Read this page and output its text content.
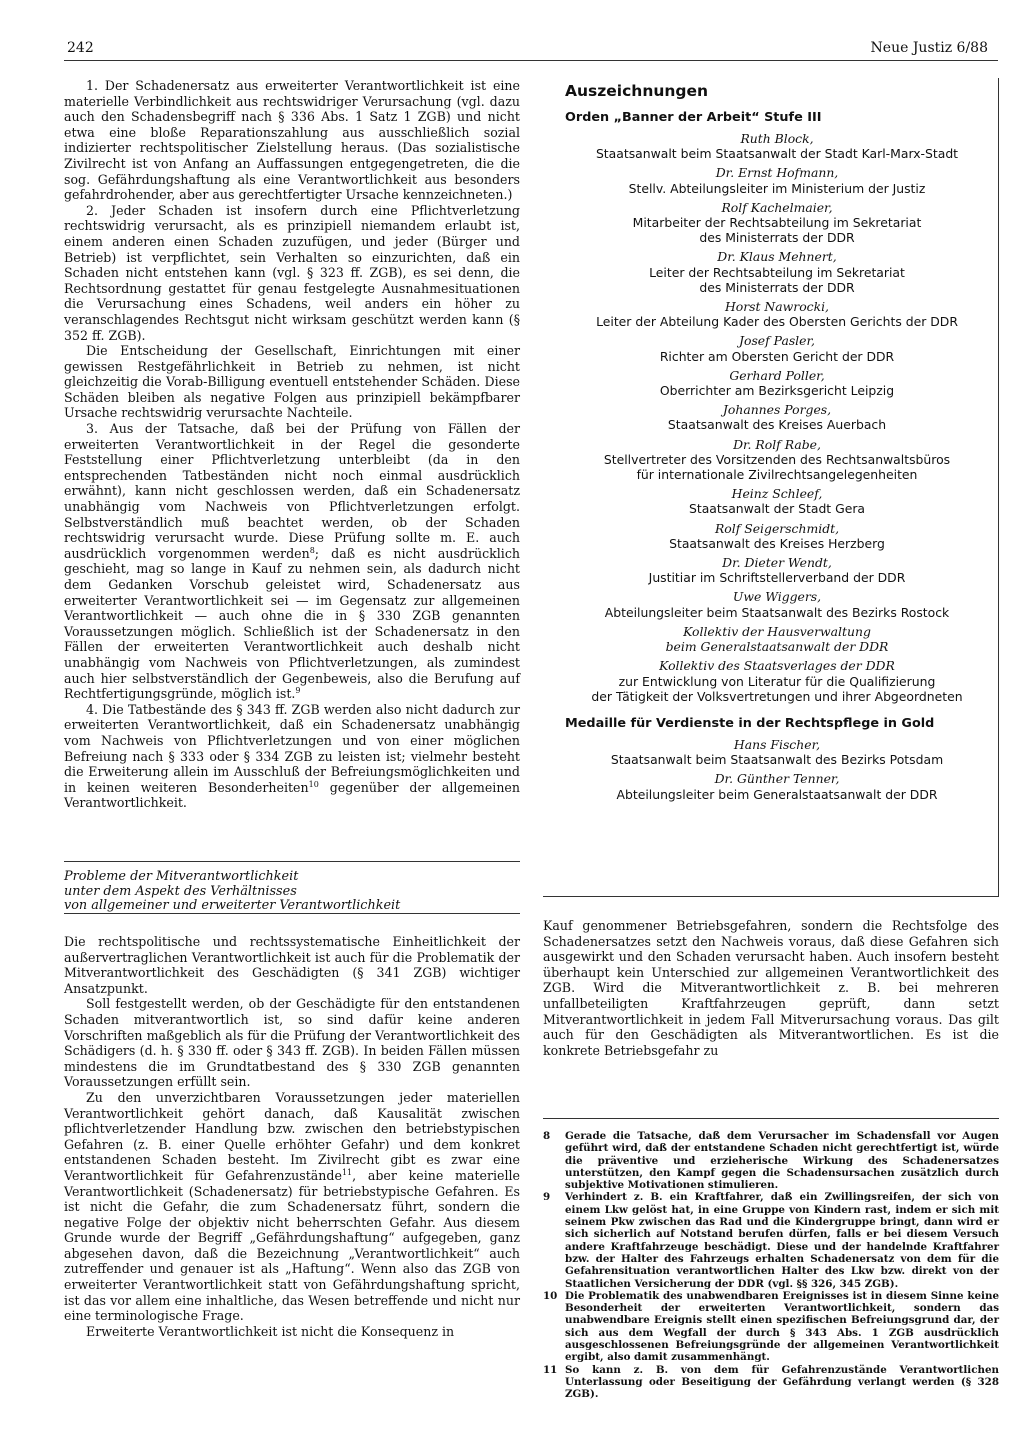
242	Neue Justiz 6/88

1. Der Schadenersatz aus erweiterter Verantwortlichkeit ist eine materielle Verbindlichkeit aus rechtswidriger Verursachung (vgl. dazu auch den Schadensbegriff nach § 336 Abs. 1 Satz 1 ZGB) und nicht etwa eine bloße Reparationszahlung aus ausschließlich sozial indizierter rechtspolitischer Zielstellung heraus. (Das sozialistische Zivilrecht ist von Anfang an Auffassungen entgegengetreten, die die sog. Gefährdungshaftung als eine Verantwortlichkeit aus besonders gefahrdrohender, aber aus gerechtfertigter Ursache kennzeichneten.)

2. Jeder Schaden ist insofern durch eine Pflichtverletzung rechtswidrig verursacht, als es prinzipiell niemandem erlaubt ist, einem anderen einen Schaden zuzufügen, und jeder (Bürger und Betrieb) ist verpflichtet, sein Verhalten so einzurichten, daß ein Schaden nicht entstehen kann (vgl. § 323 ff. ZGB), es sei denn, die Rechtsordnung gestattet für genau festgelegte Ausnahmesituationen die Verursachung eines Schadens, weil anders ein höher zu veranschlagendes Rechtsgut nicht wirksam geschützt werden kann (§ 352 ff. ZGB).

Die Entscheidung der Gesellschaft, Einrichtungen mit einer gewissen Restgefährlichkeit in Betrieb zu nehmen, ist nicht gleichzeitig die Vorab-Billigung eventuell entstehender Schäden. Diese Schäden bleiben als negative Folgen aus prinzipiell bekämpfbarer Ursache rechtswidrig verursachte Nachteile.

3. Aus der Tatsache, daß bei der Prüfung von Fällen der erweiterten Verantwortlichkeit in der Regel die gesonderte Feststellung einer Pflichtverletzung unterbleibt (da in den entsprechenden Tatbeständen nicht noch einmal ausdrücklich erwähnt), kann nicht geschlossen werden, daß ein Schadenersatz unabhängig vom Nachweis von Pflichtverletzungen erfolgt. Selbstverständlich muß beachtet werden, ob der Schaden rechtswidrig verursacht wurde. Diese Prüfung sollte m. E. auch ausdrücklich vorgenommen werden$^8$; daß es nicht ausdrücklich geschieht, mag so lange in Kauf zu nehmen sein, als dadurch nicht dem Gedanken Vorschub geleistet wird, Schadenersatz aus erweiterter Verantwortlichkeit sei — im Gegensatz zur allgemeinen Verantwortlichkeit — auch ohne die in § 330 ZGB genannten Voraussetzungen möglich. Schließlich ist der Schadenersatz in den Fällen der erweiterten Verantwortlichkeit auch deshalb nicht unabhängig vom Nachweis von Pflichtverletzungen, als zumindest auch hier selbstverständlich der Gegenbeweis, also die Berufung auf Rechtfertigungsgründe, möglich ist.$^9$

4. Die Tatbestände des § 343 ff. ZGB werden also nicht dadurch zur erweiterten Verantwortlichkeit, daß ein Schadenersatz unabhängig vom Nachweis von Pflichtverletzungen und von einer möglichen Befreiung nach § 333 oder § 334 ZGB zu leisten ist; vielmehr besteht die Erweiterung allein im Ausschluß der Befreiungsmöglichkeiten und in keinen weiteren Besonderheiten$^{10}$ gegenüber der allgemeinen Verantwortlichkeit.

Probleme der Mitverantwortlichkeit
unter dem Aspekt des Verhältnisses
von allgemeiner und erweiterter Verantwortlichkeit

Die rechtspolitische und rechtssystematische Einheitlichkeit der außervertraglichen Verantwortlichkeit ist auch für die Problematik der Mitverantwortlichkeit des Geschädigten (§ 341 ZGB) wichtiger Ansatzpunkt.

Soll festgestellt werden, ob der Geschädigte für den entstandenen Schaden mitverantwortlich ist, so sind dafür keine anderen Vorschriften maßgeblich als für die Prüfung der Verantwortlichkeit des Schädigers (d. h. § 330 ff. oder § 343 ff. ZGB). In beiden Fällen müssen mindestens die im Grundtatbestand des § 330 ZGB genannten Voraussetzungen erfüllt sein.

Zu den unverzichtbaren Voraussetzungen jeder materiellen Verantwortlichkeit gehört danach, daß Kausalität zwischen pflichtverletzender Handlung bzw. zwischen den betriebstypischen Gefahren (z. B. einer Quelle erhöhter Gefahr) und dem konkret entstandenen Schaden besteht. Im Zivilrecht gibt es zwar eine Verantwortlichkeit für Gefahrenzustände$^{11}$, aber keine materielle Verantwortlichkeit (Schadenersatz) für betriebstypische Gefahren. Es ist nicht die Gefahr, die zum Schadenersatz führt, sondern die negative Folge der objektiv nicht beherrschten Gefahr. Aus diesem Grunde wurde der Begriff „Gefährdungshaftung“ aufgegeben, ganz abgesehen davon, daß die Bezeichnung „Verantwortlichkeit“ auch zutreffender und genauer ist als „Haftung“. Wenn also das ZGB von erweiterter Verantwortlichkeit statt von Gefährdungshaftung spricht, ist das vor allem eine inhaltliche, das Wesen betreffende und nicht nur eine terminologische Frage.

Erweiterte Verantwortlichkeit ist nicht die Konsequenz in

Auszeichnungen
Orden „Banner der Arbeit“ Stufe III
Ruth Block,
Staatsanwalt beim Staatsanwalt der Stadt Karl-Marx-Stadt
Dr. Ernst Hofmann,
Stellv. Abteilungsleiter im Ministerium der Justiz
Rolf Kachelmaier,
Mitarbeiter der Rechtsabteilung im Sekretariat
des Ministerrats der DDR
Dr. Klaus Mehnert,
Leiter der Rechtsabteilung im Sekretariat
des Ministerrats der DDR
Horst Nawrocki,
Leiter der Abteilung Kader des Obersten Gerichts der DDR
Josef Pasler,
Richter am Obersten Gericht der DDR
Gerhard Poller,
Oberrichter am Bezirksgericht Leipzig
Johannes Porges,
Staatsanwalt des Kreises Auerbach
Dr. Rolf Rabe,
Stellvertreter des Vorsitzenden des Rechtsanwaltsbüros
für internationale Zivilrechtsangelegenheiten
Heinz Schleef,
Staatsanwalt der Stadt Gera
Rolf Seigerschmidt,
Staatsanwalt des Kreises Herzberg
Dr. Dieter Wendt,
Justitiar im Schriftstellerverband der DDR
Uwe Wiggers,
Abteilungsleiter beim Staatsanwalt des Bezirks Rostock
Kollektiv der Hausverwaltung
beim Generalstaatsanwalt der DDR
Kollektiv des Staatsverlages der DDR
zur Entwicklung von Literatur für die Qualifizierung
der Tätigkeit der Volksvertretungen und ihrer Abgeordneten
Medaille für Verdienste in der Rechtspflege in Gold
Hans Fischer,
Staatsanwalt beim Staatsanwalt des Bezirks Potsdam
Dr. Günther Tenner,
Abteilungsleiter beim Generalstaatsanwalt der DDR

Kauf genommener Betriebsgefahren, sondern die Rechtsfolge des Schadenersatzes setzt den Nachweis voraus, daß diese Gefahren sich ausgewirkt und den Schaden verursacht haben. Auch insofern besteht überhaupt kein Unterschied zur allgemeinen Verantwortlichkeit des ZGB. Wird die Mitverantwortlichkeit z. B. bei mehreren unfallbeteiligten Kraftfahrzeugen geprüft, dann setzt Mitverantwortlichkeit in jedem Fall Mitverursachung voraus. Das gilt auch für den Geschädigten als Mitverantwortlichen. Es ist die konkrete Betriebsgefahr zu

8	Gerade die Tatsache, daß dem Verursacher im Schadensfall vor Augen geführt wird, daß der entstandene Schaden nicht gerechtfertigt ist, würde die präventive und erzieherische Wirkung des Schadenersatzes unterstützen, den Kampf gegen die Schadensursachen zusätzlich durch subjektive Motivationen stimulieren.
9	Verhindert z. B. ein Kraftfahrer, daß ein Zwillingsreifen, der sich von einem Lkw gelöst hat, in eine Gruppe von Kindern rast, indem er sich mit seinem Pkw zwischen das Rad und die Kindergruppe bringt, dann wird er sich sicherlich auf Notstand berufen dürfen, falls er bei diesem Versuch andere Kraftfahrzeuge beschädigt. Diese und der handelnde Kraftfahrer bzw. der Halter des Fahrzeugs erhalten Schadenersatz von dem für die Gefahrensituation verantwortlichen Halter des Lkw bzw. direkt von der Staatlichen Versicherung der DDR (vgl. §§ 326, 345 ZGB).
10 Die Problematik des unabwendbaren Ereignisses ist in diesem Sinne keine Besonderheit der erweiterten Verantwortlichkeit, sondern das unabwendbare Ereignis stellt einen spezifischen Befreiungsgrund dar, der sich aus dem Wegfall der durch § 343 Abs. 1 ZGB ausdrücklich ausgeschlossenen Befreiungsgründe der allgemeinen Verantwortlichkeit ergibt, also damit zusammenhängt.
11 So kann z. B. von dem für Gefahrenzustände Verantwortlichen Unterlassung oder Beseitigung der Gefährdung verlangt werden (§ 328 ZGB).
